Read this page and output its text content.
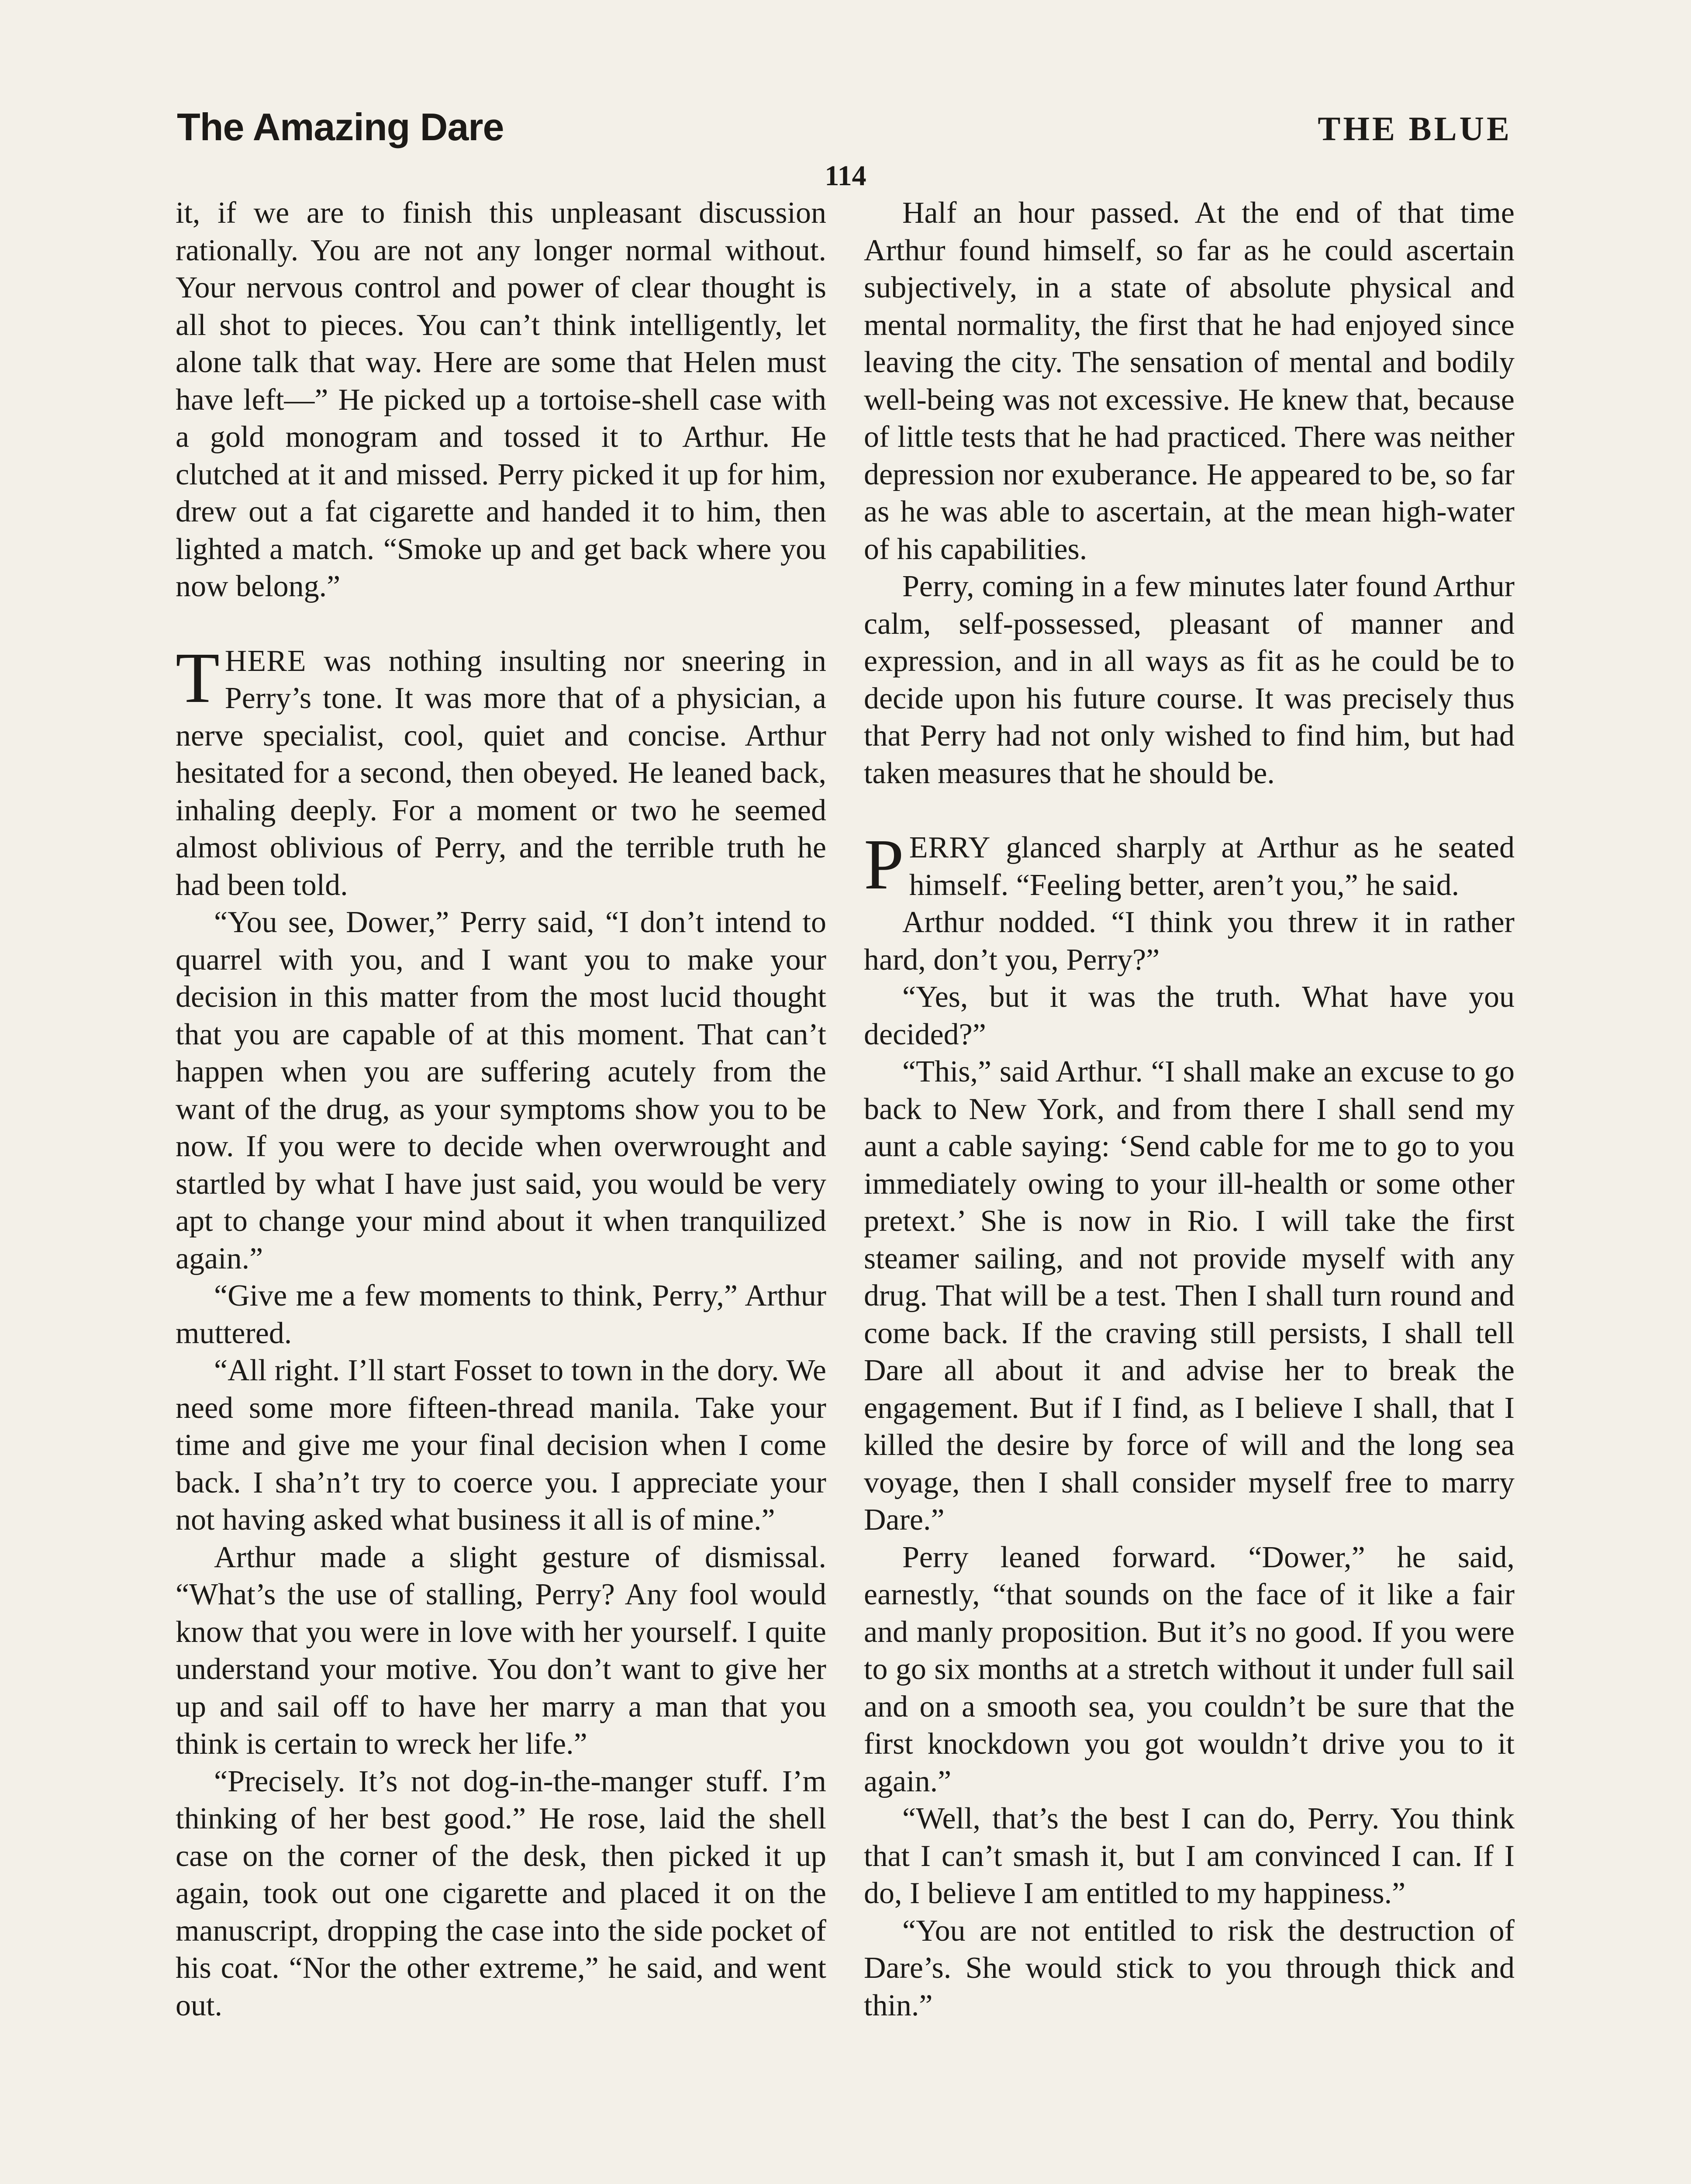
The Amazing Dare	THE BLUE
114

it, if we are to finish this unpleasant discussion rationally. You are not any longer normal without. Your nervous control and power of clear thought is all shot to pieces. You can’t think intelligently, let alone talk that way. Here are some that Helen must have left—” He picked up a tortoise-shell case with a gold monogram and tossed it to Arthur. He clutched at it and missed. Perry picked it up for him, drew out a fat cigarette and handed it to him, then lighted a match. “Smoke up and get back where you now belong.”

THERE was nothing insulting nor sneering in Perry’s tone. It was more that of a physician, a nerve specialist, cool, quiet and concise. Arthur hesitated for a second, then obeyed. He leaned back, inhaling deeply. For a moment or two he seemed almost oblivious of Perry, and the terrible truth he had been told.

“You see, Dower,” Perry said, “I don’t intend to quarrel with you, and I want you to make your decision in this matter from the most lucid thought that you are capable of at this moment. That can’t happen when you are suffering acutely from the want of the drug, as your symptoms show you to be now. If you were to decide when overwrought and startled by what I have just said, you would be very apt to change your mind about it when tranquilized again.”

“Give me a few moments to think, Perry,” Arthur muttered.

“All right. I’ll start Fosset to town in the dory. We need some more fifteen-thread manila. Take your time and give me your final decision when I come back. I sha’n’t try to coerce you. I appreciate your not having asked what business it all is of mine.”

Arthur made a slight gesture of dismissal. “What’s the use of stalling, Perry? Any fool would know that you were in love with her yourself. I quite understand your motive. You don’t want to give her up and sail off to have her marry a man that you think is certain to wreck her life.”

“Precisely. It’s not dog-in-the-manger stuff. I’m thinking of her best good.” He rose, laid the shell case on the corner of the desk, then picked it up again, took out one cigarette and placed it on the manuscript, dropping the case into the side pocket of his coat. “Nor the other extreme,” he said, and went out.

Half an hour passed. At the end of that time Arthur found himself, so far as he could ascertain subjectively, in a state of absolute physical and mental normality, the first that he had enjoyed since leaving the city. The sensation of mental and bodily well-being was not excessive. He knew that, because of little tests that he had practiced. There was neither depression nor exuberance. He appeared to be, so far as he was able to ascertain, at the mean high-water of his capabilities.

Perry, coming in a few minutes later found Arthur calm, self-possessed, pleasant of manner and expression, and in all ways as fit as he could be to decide upon his future course. It was precisely thus that Perry had not only wished to find him, but had taken measures that he should be.

PERRY glanced sharply at Arthur as he seated himself. “Feeling better, aren’t you,” he said.

Arthur nodded. “I think you threw it in rather hard, don’t you, Perry?”

“Yes, but it was the truth. What have you decided?”

“This,” said Arthur. “I shall make an excuse to go back to New York, and from there I shall send my aunt a cable saying: ‘Send cable for me to go to you immediately owing to your ill-health or some other pretext.’ She is now in Rio. I will take the first steamer sailing, and not provide myself with any drug. That will be a test. Then I shall turn round and come back. If the craving still persists, I shall tell Dare all about it and advise her to break the engagement. But if I find, as I believe I shall, that I killed the desire by force of will and the long sea voyage, then I shall consider myself free to marry Dare.”

Perry leaned forward. “Dower,” he said, earnestly, “that sounds on the face of it like a fair and manly proposition. But it’s no good. If you were to go six months at a stretch without it under full sail and on a smooth sea, you couldn’t be sure that the first knockdown you got wouldn’t drive you to it again.”

“Well, that’s the best I can do, Perry. You think that I can’t smash it, but I am convinced I can. If I do, I believe I am entitled to my happiness.”

“You are not entitled to risk the destruction of Dare’s. She would stick to you through thick and thin.”
